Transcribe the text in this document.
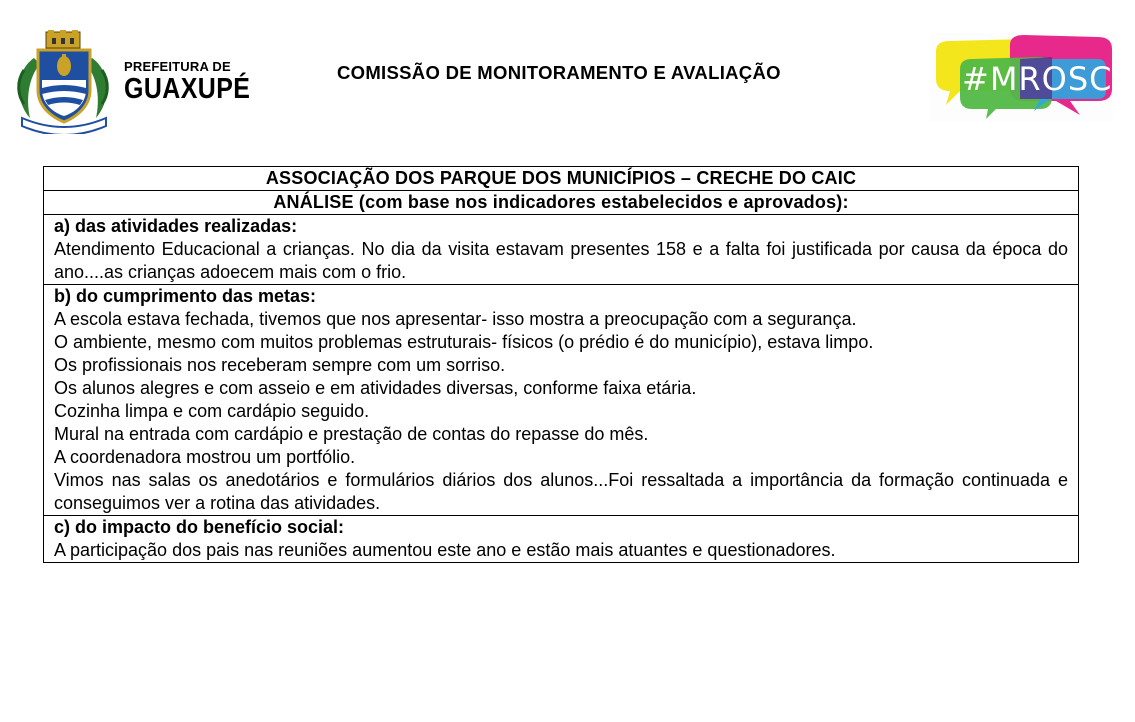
PREFEITURA DE
GUAXUPÉ
COMISSÃO DE MONITORAMENTO E AVALIAÇÃO	#MROSC
ASSOCIAÇÃO DOS PARQUE DOS MUNICÍPIOS – CRECHE DO CAIC
ANÁLISE (com base nos indicadores estabelecidos e aprovados):
a) das atividades realizadas:

Atendimento Educacional a crianças. No dia da visita estavam presentes 158 e a falta foi justificada por causa da época do ano....as crianças adoecem mais com o frio.

b) do cumprimento das metas:

A escola estava fechada, tivemos que nos apresentar- isso mostra a preocupação com a segurança.

O ambiente, mesmo com muitos problemas estruturais- físicos (o prédio é do município), estava limpo.

Os profissionais nos receberam sempre com um sorriso.

Os alunos alegres e com asseio e em atividades diversas, conforme faixa etária.

Cozinha limpa e com cardápio seguido.

Mural na entrada com cardápio e prestação de contas do repasse do mês.

A coordenadora mostrou um portfólio.

Vimos nas salas os anedotários e formulários diários dos alunos...Foi ressaltada a importância da formação continuada e conseguimos ver a rotina das atividades.

c) do impacto do benefício social:

A participação dos pais nas reuniões aumentou este ano e estão mais atuantes e questionadores.
